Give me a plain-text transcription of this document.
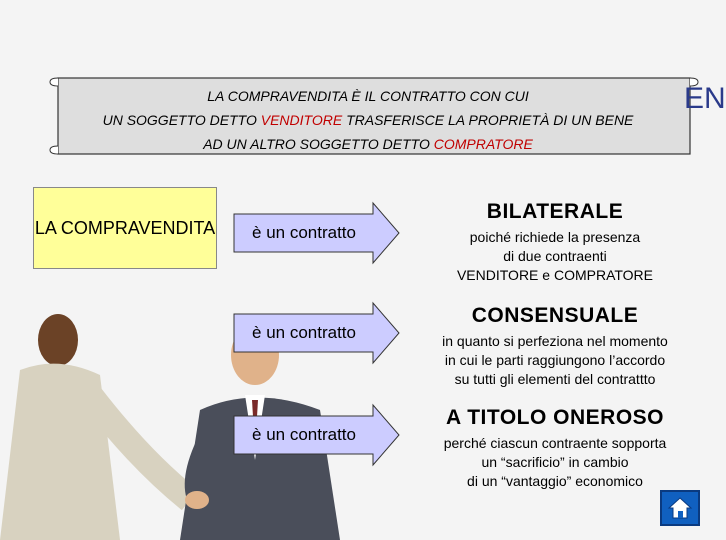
LA COMPRAVENDITA È IL CONTRATTO CON CUI
UN SOGGETTO DETTO VENDITORE TRASFERISCE LA PROPRIETÀ DI UN BENE
AD UN ALTRO SOGGETTO DETTO COMPRATORE
EN
LA COMPRAVENDITA	è un contratto
BILATERALE
poiché richiede la presenza
di due contraenti
VENDITORE e COMPRATORE
è un contratto
CONSENSUALE
in quanto si perfeziona nel momento
in cui le parti raggiungono l’accordo
su tutti gli elementi del contrattto
è un contratto
A TITOLO ONEROSO
perché ciascun contraente sopporta
un “sacrificio” in cambio
di un “vantaggio” economico
